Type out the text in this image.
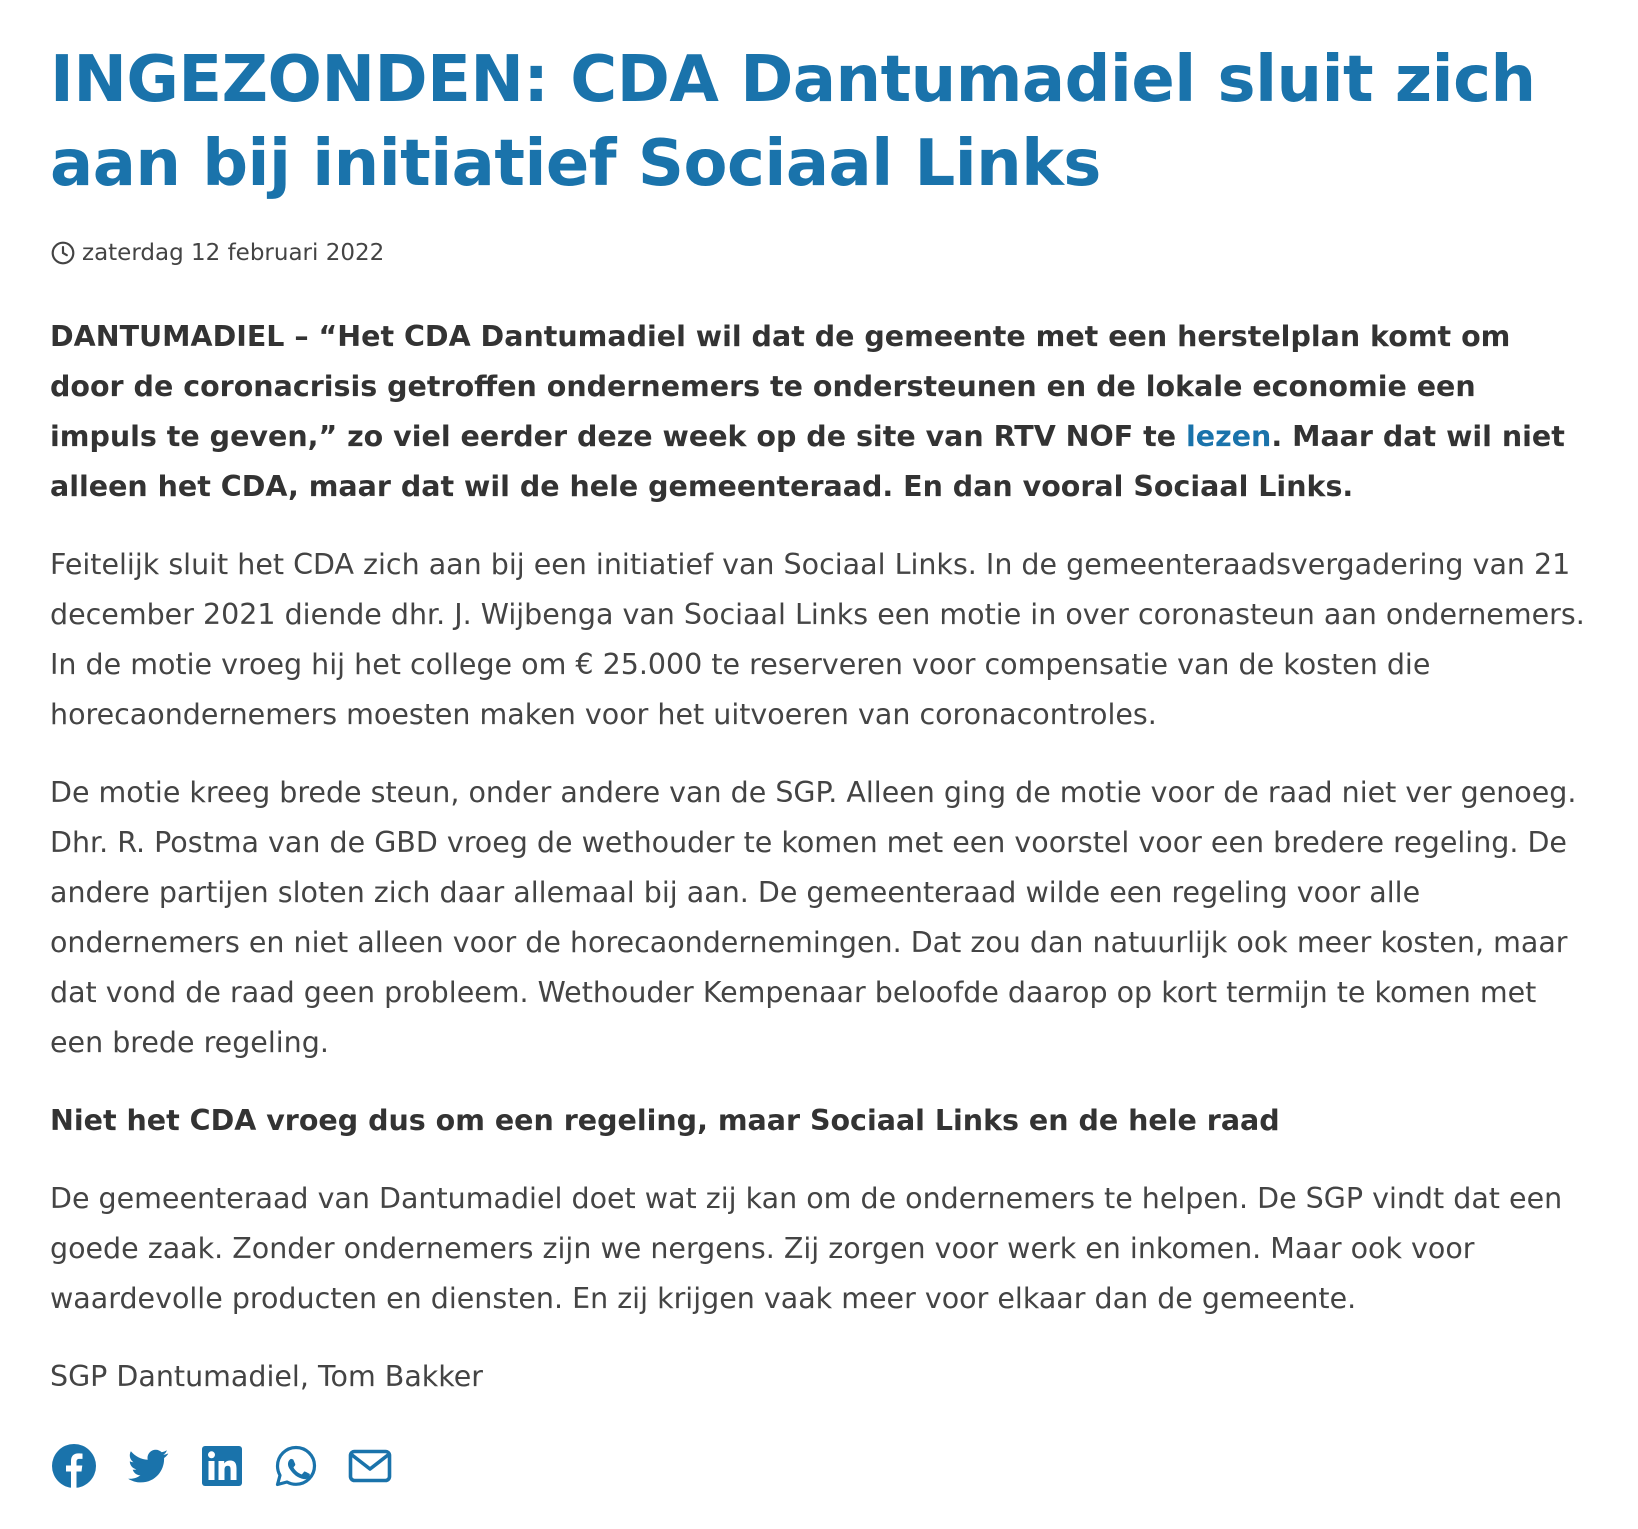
INGEZONDEN: CDA Dantumadiel sluit zich aan bij initiatief Sociaal Links
zaterdag 12 februari 2022

DANTUMADIEL – “Het CDA Dantumadiel wil dat de gemeente met een herstelplan komt om door de coronacrisis getroffen ondernemers te ondersteunen en de lokale economie een impuls te geven,” zo viel eerder deze week op de site van RTV NOF te lezen. Maar dat wil niet alleen het CDA, maar dat wil de hele gemeenteraad. En dan vooral Sociaal Links.

Feitelijk sluit het CDA zich aan bij een initiatief van Sociaal Links. In de gemeenteraadsvergadering van 21 december 2021 diende dhr. J. Wijbenga van Sociaal Links een motie in over coronasteun aan ondernemers. In de motie vroeg hij het college om € 25.000 te reserveren voor compensatie van de kosten die horecaondernemers moesten maken voor het uitvoeren van coronacontroles.

De motie kreeg brede steun, onder andere van de SGP. Alleen ging de motie voor de raad niet ver genoeg. Dhr. R. Postma van de GBD vroeg de wethouder te komen met een voorstel voor een bredere regeling. De andere partijen sloten zich daar allemaal bij aan. De gemeenteraad wilde een regeling voor alle ondernemers en niet alleen voor de horecaondernemingen. Dat zou dan natuurlijk ook meer kosten, maar dat vond de raad geen probleem. Wethouder Kempenaar beloofde daarop op kort termijn te komen met een brede regeling.

Niet het CDA vroeg dus om een regeling, maar Sociaal Links en de hele raad

De gemeenteraad van Dantumadiel doet wat zij kan om de ondernemers te helpen. De SGP vindt dat een goede zaak. Zonder ondernemers zijn we nergens. Zij zorgen voor werk en inkomen. Maar ook voor waardevolle producten en diensten. En zij krijgen vaak meer voor elkaar dan de gemeente.

SGP Dantumadiel, Tom Bakker
